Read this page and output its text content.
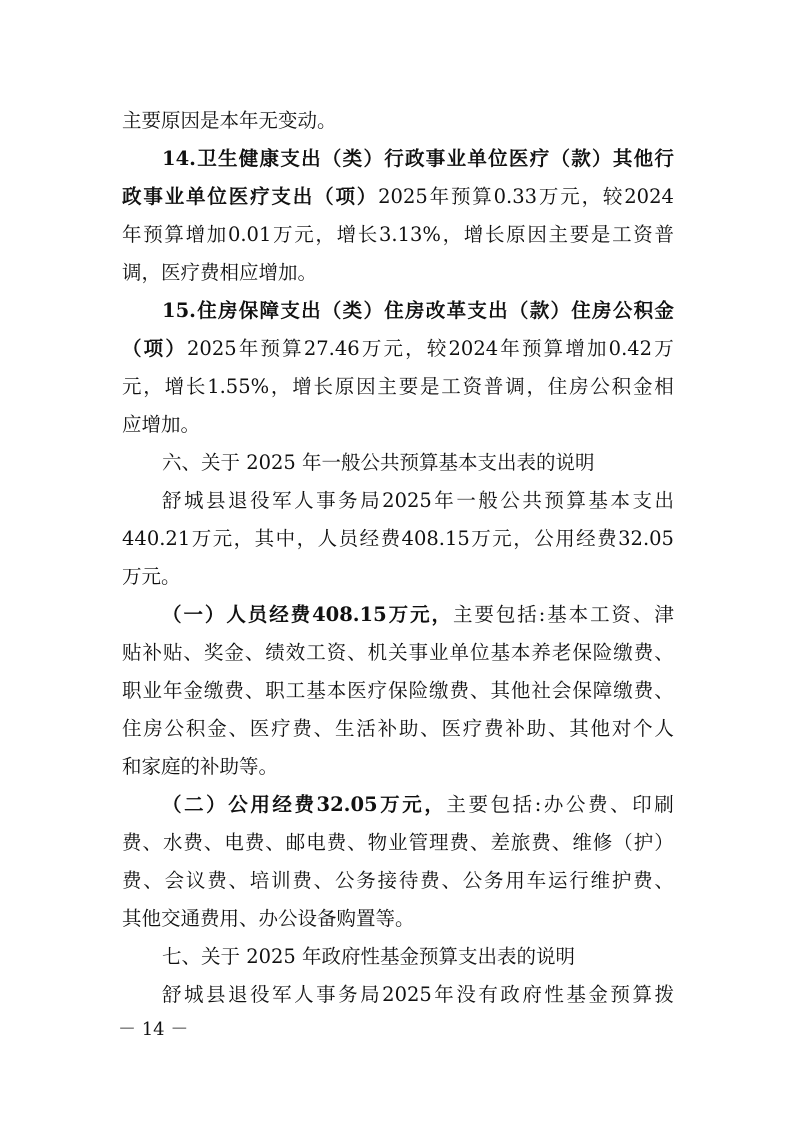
主要原因是本年无变动。
14. 卫 生 健 康 支 出 （ 类 ） 行 政 事 业 单 位 医 疗 （ 款 ） 其 他 行
政 事 业 单 位 医 疗 支 出 （ 项 ） 2025 年 预 算 0.33 万 元 ， 较 2024
年 预 算 增 加 0.01 万 元 ， 增 长 3.13% ， 增 长 原 因 主 要 是 工 资 普
调，医疗费相应增加。
15. 住 房 保 障 支 出 （ 类 ） 住 房 改 革 支 出 （ 款 ） 住 房 公 积 金
（ 项 ） 2025 年 预 算 27.46 万 元 ， 较 2024 年 预 算 增 加 0.42 万
元 ， 增 长 1.55% ， 增 长 原 因 主 要 是 工 资 普 调 ， 住 房 公 积 金 相
应增加。
六、关于 2025 年一般公共预算基本支出表的说明
舒 城 县 退 役 军 人 事 务 局 2025 年 一 般 公 共 预 算 基 本 支 出
440.21 万 元 ， 其 中 ， 人 员 经 费 408.15 万 元 ， 公 用 经 费 32.05
万元。
（ 一 ） 人 员 经 费 408.15 万 元 ， 主 要 包 括 : 基 本 工 资 、 津
贴 补 贴 、 奖 金 、 绩 效 工 资 、 机 关 事 业 单 位 基 本 养 老 保 险 缴 费 、
职 业 年 金 缴 费 、 职 工 基 本 医 疗 保 险 缴 费 、 其 他 社 会 保 障 缴 费 、
住 房 公 积 金 、 医 疗 费 、 生 活 补 助 、 医 疗 费 补 助 、 其 他 对 个 人
和家庭的补助等。
（ 二 ） 公 用 经 费 32.05 万 元 ， 主 要 包 括 : 办 公 费 、 印 刷
费 、 水 费 、 电 费 、 邮 电 费 、 物 业 管 理 费 、 差 旅 费 、 维 修 （ 护 ）
费 、 会 议 费 、 培 训 费 、 公 务 接 待 费 、 公 务 用 车 运 行 维 护 费 、
其他交通费用、办公设备购置等。
七、关于 2025 年政府性基金预算支出表的说明
舒 城 县 退 役 军 人 事 务 局 2025 年 没 有 政 府 性 基 金 预 算 拨
－ 14 －
